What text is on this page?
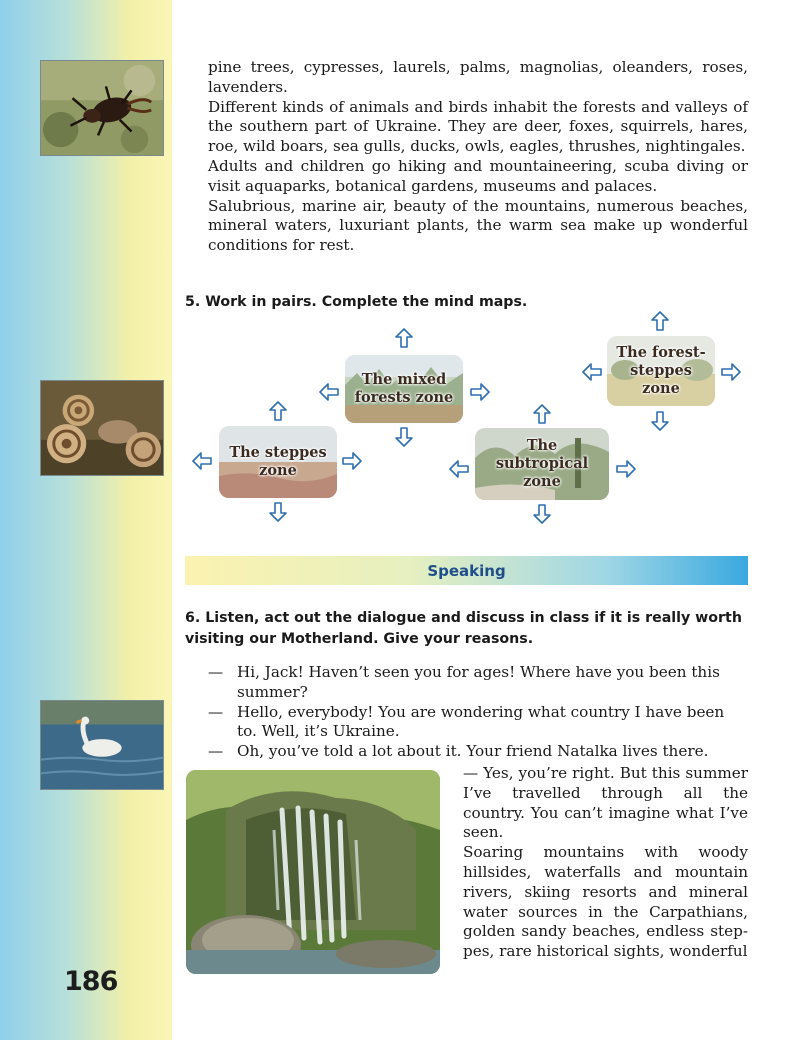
pine trees, cypresses, laurels, palms, magnolias, oleanders, roses, lavenders.

Different kinds of animals and birds inhabit the forests and valleys of the southern part of Ukraine. They are deer, foxes, squirrels, hares, roe, wild boars, sea gulls, ducks, owls, eagles, thrushes, nightingales.

Adults and children go hiking and mountaineering, scuba diving or visit aquaparks, botanical gardens, museums and palaces.

Salubrious, marine air, beauty of the mountains, numerous beaches, mineral waters, luxuriant plants, the warm sea make up wonderful conditions for rest.

5. Work in pairs. Complete the mind maps.
The mixed forests zone
The forest-steppes zone
The steppes zone
The subtropical zone
Speaking
6. Listen, act out the dialogue and discuss in class if it is really worth visiting our Motherland. Give your reasons.
— Hi, Jack! Haven’t seen you for ages! Where have you been this summer?
— Hello, everybody! You are wondering what country I have been to. Well, it’s Ukraine.
— Oh, you’ve told a lot about it. Your friend Natalka lives there.

— Yes, you’re right. But this summer I’ve travelled through all the country. You can’t imagine what I’ve seen.

Soaring mountains with woody hillsides, waterfalls and mountain rivers, skiing resorts and mineral water sources in the Carpathians, golden sandy beaches, endless step-pes, rare historical sights, wonderful

186
